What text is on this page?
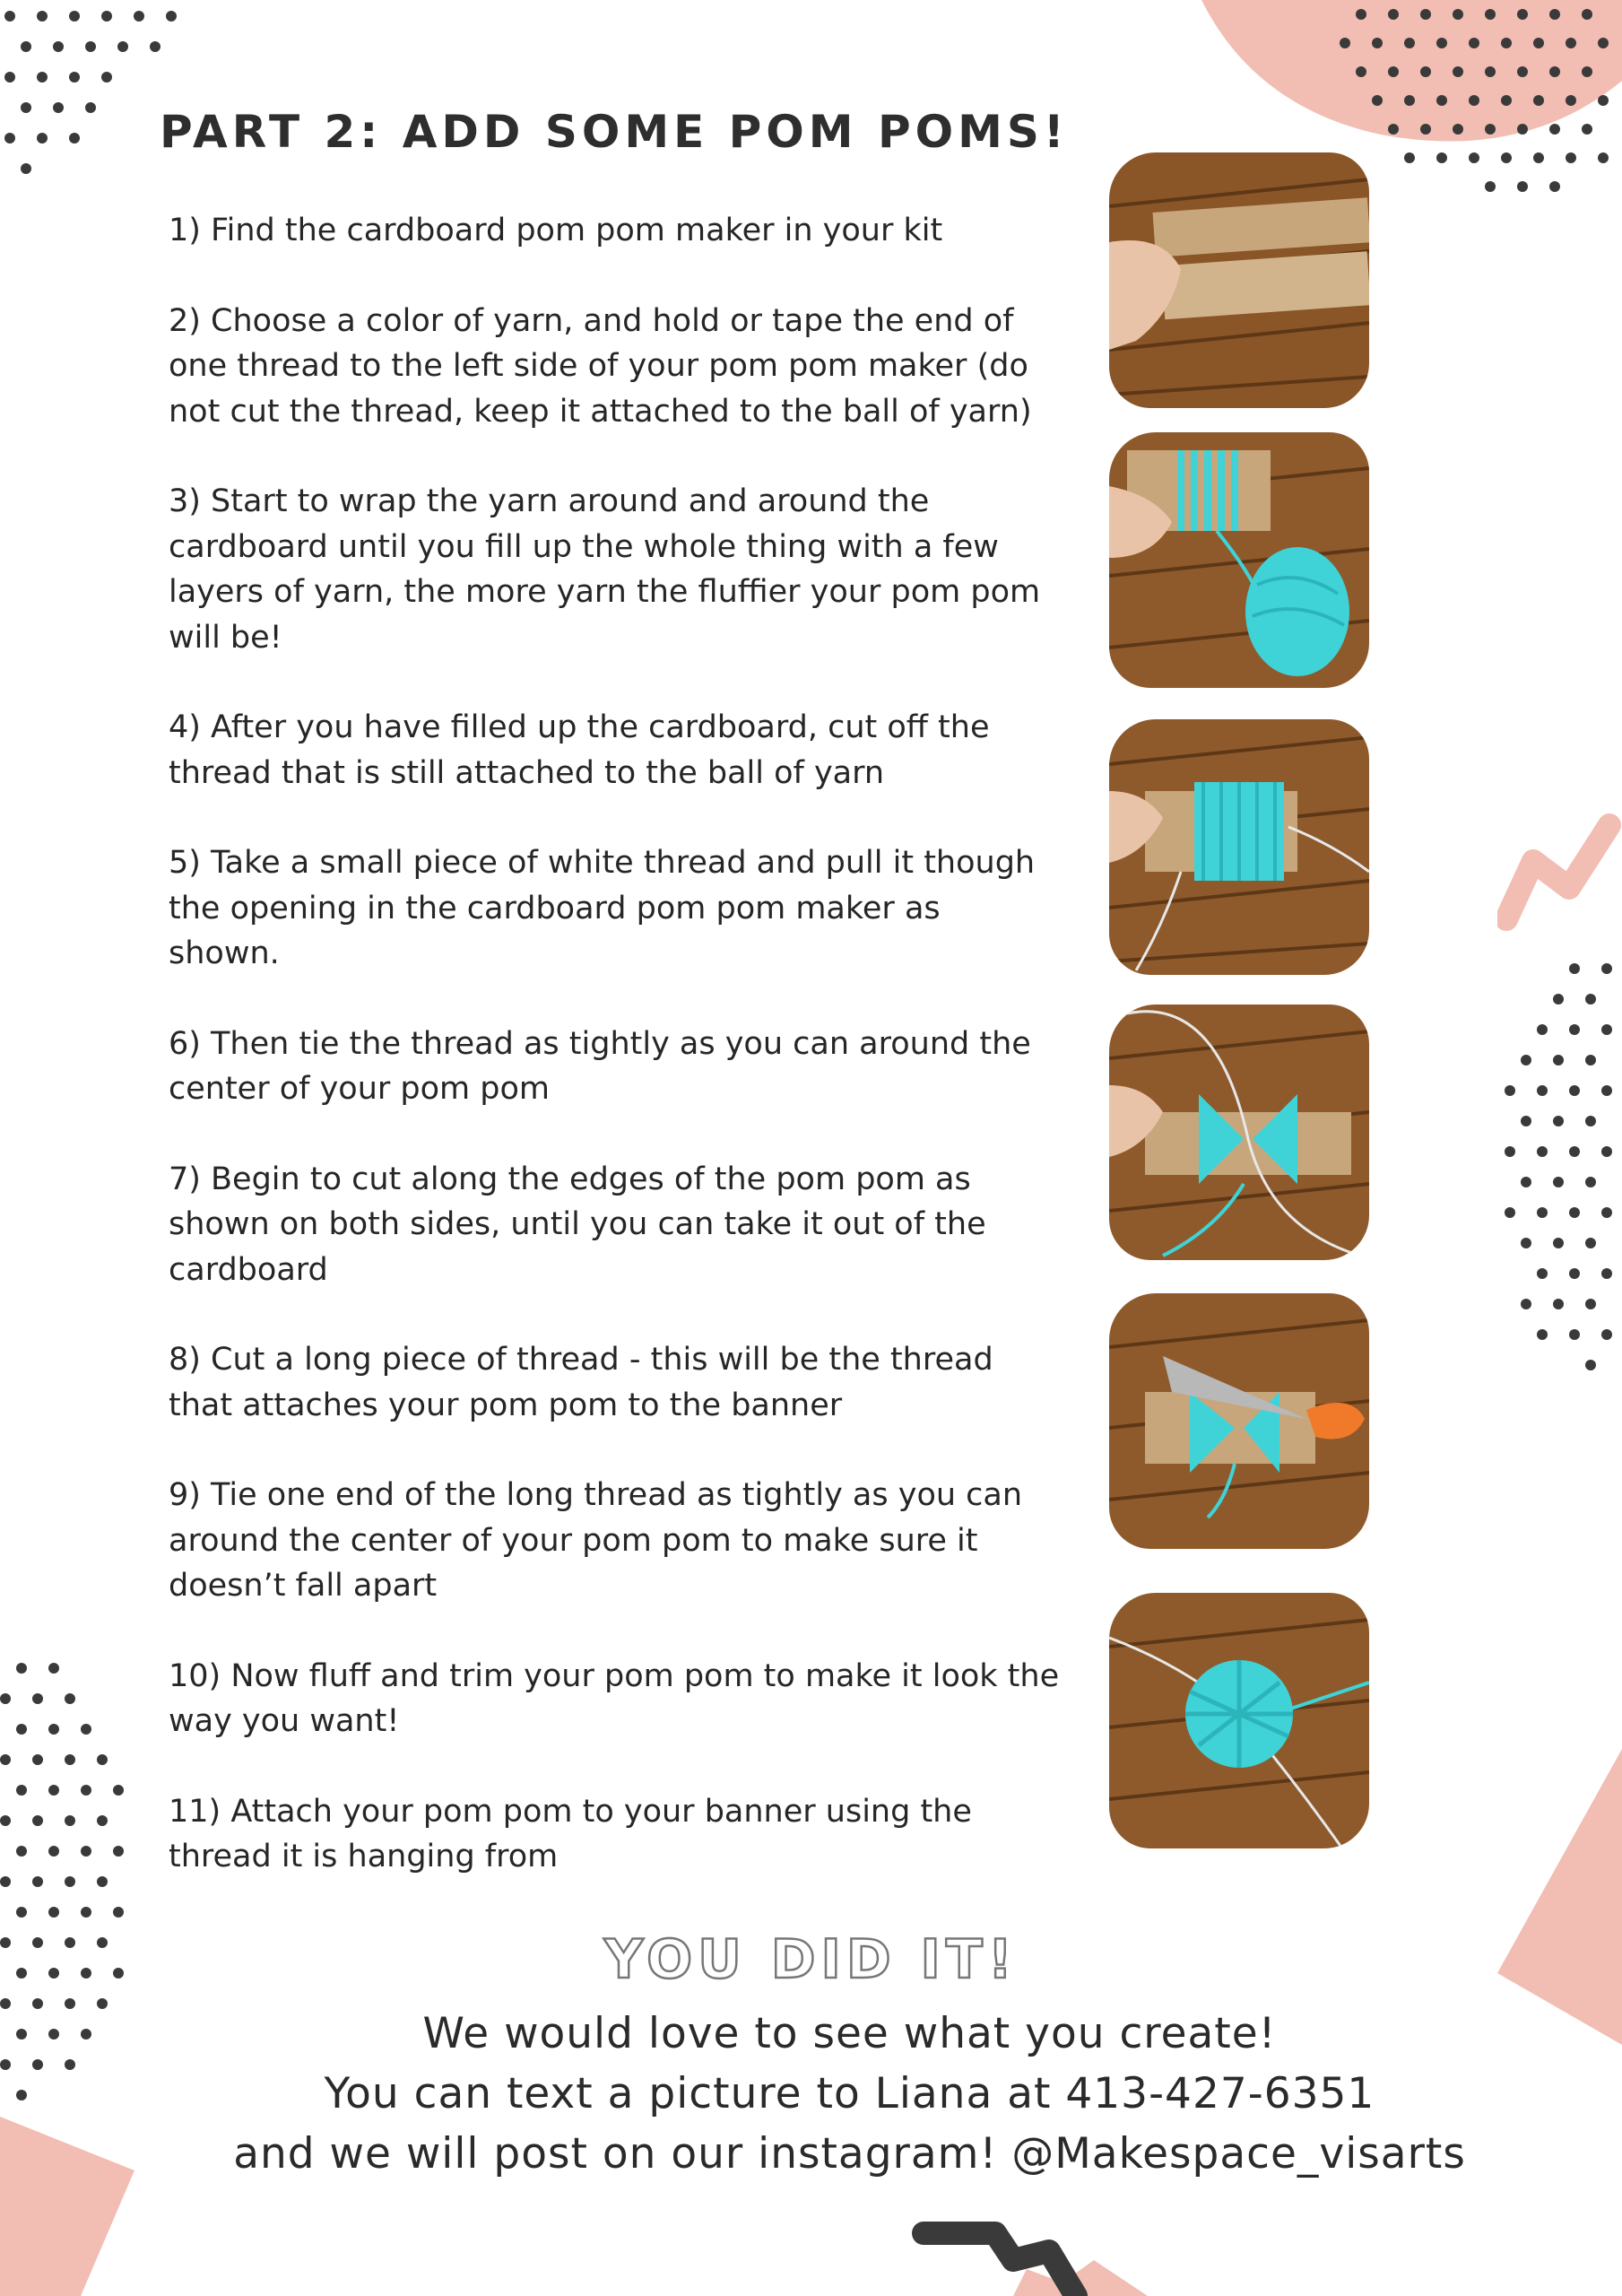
PART 2: ADD SOME POM POMS!

1) Find the cardboard pom pom maker in your kit

2) Choose a color of yarn, and hold or tape the end of
one thread to the left side of your pom pom maker (do
not cut the thread, keep it attached to the ball of yarn)

3) Start to wrap the yarn around and around the
cardboard until you fill up the whole thing with a few
layers of yarn, the more yarn the fluffier your pom pom
will be!

4) After you have filled up the cardboard, cut off the
thread that is still attached to the ball of yarn

5) Take a small piece of white thread and pull it though
the opening in the cardboard pom pom maker as
shown.

6) Then tie the thread as tightly as you can around the
center of your pom pom

7) Begin to cut along the edges of the pom pom as
shown on both sides, until you can take it out of the
cardboard

8) Cut a long piece of thread - this will be the thread
that attaches your pom pom to the banner

9) Tie one end of the long thread as tightly as you can
around the center of your pom pom to make sure it
doesn’t fall apart

10) Now fluff and trim your pom pom to make it look the
way you want!

11) Attach your pom pom to your banner using the
thread it is hanging from

YOU DID IT!
We would love to see what you create!
You can text a picture to Liana at 413-427-6351
and we will post on our instagram! @Makespace_visarts
